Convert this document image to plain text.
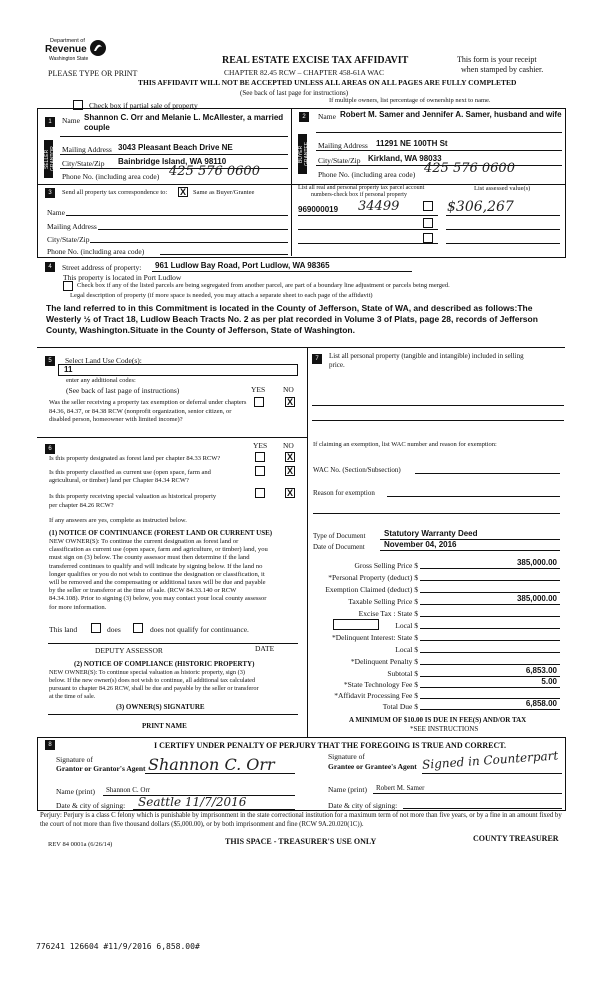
Department of
Revenue
Washington State
PLEASE TYPE OR PRINT
REAL ESTATE EXCISE TAX AFFIDAVIT
CHAPTER 82.45 RCW – CHAPTER 458-61A WAC
THIS AFFIDAVIT WILL NOT BE ACCEPTED UNLESS ALL AREAS ON ALL PAGES ARE FULLY COMPLETED
(See back of last page for instructions)
This form is your receipt
when stamped by cashier.
Check box if partial sale of property
If multiple owners, list percentage of ownership next to name.
1
SELLER GRANTOR
Name Shannon C. Orr and Melanie L. McAllester, a married couple
Mailing Address 3043 Pleasant Beach Drive NE
City/State/Zip Bainbridge Island, WA 98110
Phone No. (including area code) 425 576 0600
2
BUYER GRANTEE
Name Robert M. Samer and Jennifer A. Samer, husband and wife
Mailing Address 11291 NE 100TH St
City/State/Zip Kirkland, WA 98033
Phone No. (including area code) 425 576 0600
3	Send all property tax correspondence to: X	Same as Buyer/Grantee
Name
Mailing Address
City/State/Zip
Phone No. (including area code)
List all real and personal property tax parcel account
numbers-check box if personal property
List assessed value(s)
969000019 34499	$306,267
4	Street address of property: 961 Ludlow Bay Road, Port Ludlow, WA 98365
This property is located in Port Ludlow
Check box if any of the listed parcels are being segregated from another parcel, are part of a boundary line adjustment or parcels being merged.
Legal description of property (if more space is needed, you may attach a separate sheet to each page of the affidavit)
The land referred to in this Commitment is located in the County of Jefferson, State of WA, and described as follows:The Westerly ½ of Tract 18, Ludlow Beach Tracts No. 2 as per plat recorded in Volume 3 of Plats, page 28, records of Jefferson County, Washington.Situate in the County of Jefferson, State of Washington.
5	Select Land Use Code(s):
11
enter any additional codes:
(See back of last page of instructions)	YES NO
Was the seller receiving a property tax exemption or deferral under chapters 84.36, 84.37, or 84.38 RCW (nonprofit organization, senior citizen, or disabled person, homeowner with limited income)?
X
6	YES NO
Is this property designated as forest land per chapter 84.33 RCW?	X
Is this property classified as current use (open space, farm and
agricultural, or timber) land per Chapter 84.34 RCW?
X
Is this property receiving special valuation as historical property
per chapter 84.26 RCW?
X
If any answers are yes, complete as instructed below.
(1) NOTICE OF CONTINUANCE (FOREST LAND OR CURRENT USE)
NEW OWNER(S): To continue the current designation as forest land or
classification as current use (open space, farm and agriculture, or timber) land, you
must sign on (3) below. The county assessor must then determine if the land
transferred continues to qualify and will indicate by signing below. If the land no
longer qualifies or you do not wish to continue the designation or classification, it
will be removed and the compensating or additional taxes will be due and payable
by the seller or transferor at the time of sale. (RCW 84.33.140 or RCW
84.34.108). Prior to signing (3) below, you may contact your local county assessor
for more information.
This land	does	does not qualify for continuance.
DEPUTY ASSESSOR	DATE
(2) NOTICE OF COMPLIANCE (HISTORIC PROPERTY)
NEW OWNER(S): To continue special valuation as historic property, sign (3)
below. If the new owner(s) does not wish to continue, all additional tax calculated
pursuant to chapter 84.26 RCW, shall be due and payable by the seller or transferor
at the time of sale.
(3) OWNER(S) SIGNATURE
PRINT NAME
7	List all personal property (tangible and intangible) included in selling
price.
If claiming an exemption, list WAC number and reason for exemption:
WAC No. (Section/Subsection)
Reason for exemption
Type of Document Statutory Warranty Deed
Date of Document November 04, 2016
Gross Selling Price $	385,000.00
*Personal Property (deduct) $
Exemption Claimed (deduct) $
Taxable Selling Price $	385,000.00
Excise Tax : State $
Local $
*Delinquent Interest: State $
Local $
*Delinquent Penalty $
Subtotal $	6,853.00
*State Technology Fee $	5.00
*Affidavit Processing Fee $
Total Due $	6,858.00
A MINIMUM OF $10.00 IS DUE IN FEE(S) AND/OR TAX
*SEE INSTRUCTIONS
8	I CERTIFY UNDER PENALTY OF PERJURY THAT THE FOREGOING IS TRUE AND CORRECT.
Signature of
Grantor or Grantor's Agent Shannon C. Orr	Signature of
Grantee or Grantee's Agent Signed in Counterpart
Name (print) Shannon C. Orr	Name (print) Robert M. Samer
Date & city of signing: Seattle 11/7/2016	Date & city of signing:
Perjury: Perjury is a class C felony which is punishable by imprisonment in the state correctional institution for a maximum term of not more than five years, or by a fine in an amount fixed by the court of not more than five thousand dollars ($5,000.00), or by both imprisonment and fine (RCW 9A.20.020(1C)).
REV 84 0001a (6/26/14)	THIS SPACE - TREASURER'S USE ONLY	COUNTY TREASURER
776241 126604 #11/9/2016 6,858.00#
